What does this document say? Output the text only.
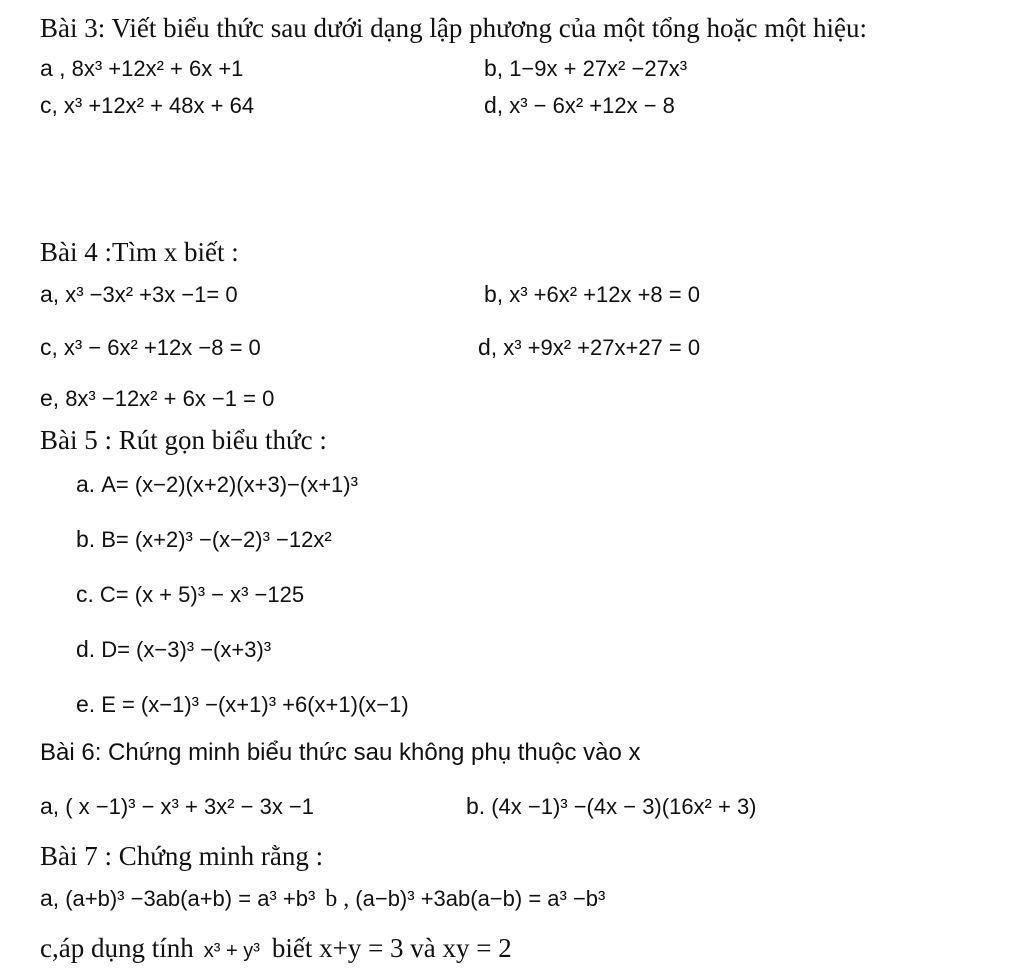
Bài 3: Viết biểu thức sau dưới dạng lập phương của một tổng hoặc một hiệu:
a , 8x³ +12x² + 6x +1	b, 1−9x + 27x² −27x³
c, x³ +12x² + 48x + 64	d, x³ − 6x² +12x − 8
Bài 4 :Tìm x biết :
a, x³ −3x² +3x −1= 0	b, x³ +6x² +12x +8 = 0
c, x³ − 6x² +12x −8 = 0	d, x³ +9x² +27x+27 = 0
e, 8x³ −12x² + 6x −1 = 0
Bài 5 : Rút gọn biểu thức :
a. A= (x−2)(x+2)(x+3)−(x+1)³
b. B= (x+2)³ −(x−2)³ −12x²
c. C= (x + 5)³ − x³ −125
d. D= (x−3)³ −(x+3)³
e. E = (x−1)³ −(x+1)³ +6(x+1)(x−1)
Bài 6: Chứng minh biểu thức sau không phụ thuộc vào x
a, ( x −1)³ − x³ + 3x² − 3x −1	b. (4x −1)³ −(4x − 3)(16x² + 3)
Bài 7 : Chứng minh rằng :
a, (a+b)³ −3ab(a+b) = a³ +b³ b , (a−b)³ +3ab(a−b) = a³ −b³
c,áp dụng tính x³ + y³ biết x+y = 3 và xy = 2
